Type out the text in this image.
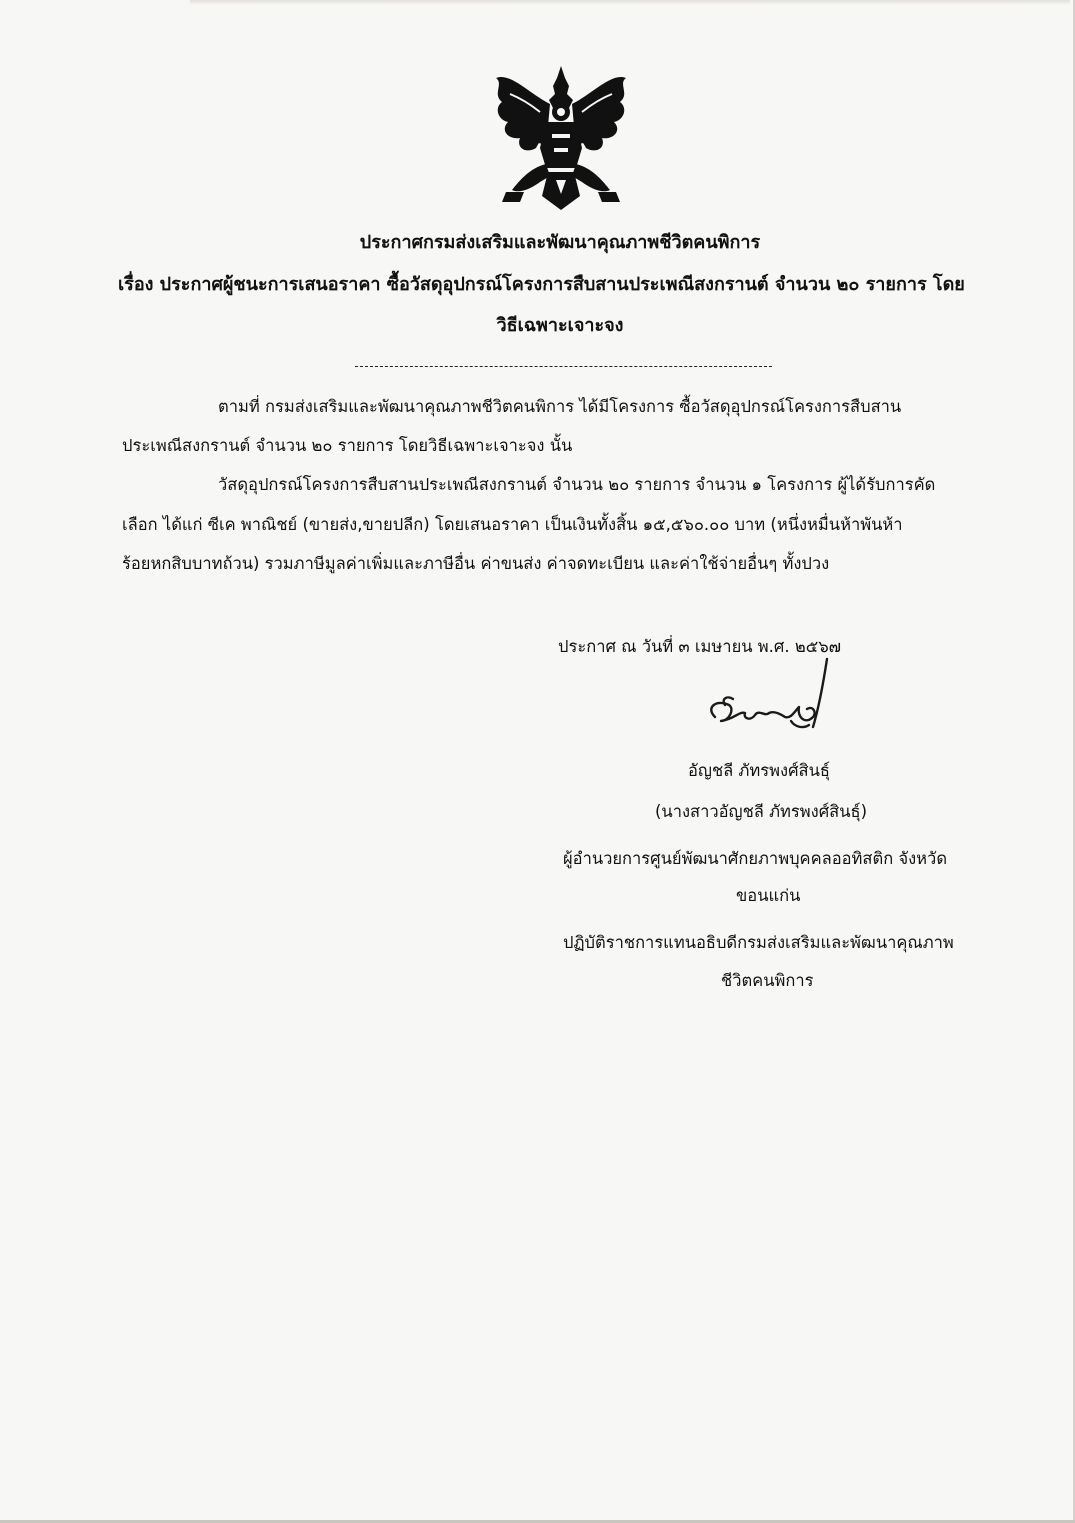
ประกาศกรมส่งเสริมและพัฒนาคุณภาพชีวิตคนพิการ
เรื่อง ประกาศผู้ชนะการเสนอราคา ซื้อวัสดุอุปกรณ์โครงการสืบสานประเพณีสงกรานต์ จำนวน ๒๐ รายการ โดย
วิธีเฉพาะเจาะจง
ตามที่ กรมส่งเสริมและพัฒนาคุณภาพชีวิตคนพิการ ได้มีโครงการ ซื้อวัสดุอุปกรณ์โครงการสืบสาน
ประเพณีสงกรานต์ จำนวน ๒๐ รายการ โดยวิธีเฉพาะเจาะจง นั้น
วัสดุอุปกรณ์โครงการสืบสานประเพณีสงกรานต์ จำนวน ๒๐ รายการ จำนวน ๑ โครงการ ผู้ได้รับการคัด
เลือก ได้แก่ ซีเค พาณิชย์ (ขายส่ง,ขายปลีก) โดยเสนอราคา เป็นเงินทั้งสิ้น ๑๕,๕๖๐.๐๐ บาท (หนึ่งหมื่นห้าพันห้า
ร้อยหกสิบบาทถ้วน) รวมภาษีมูลค่าเพิ่มและภาษีอื่น ค่าขนส่ง ค่าจดทะเบียน และค่าใช้จ่ายอื่นๆ ทั้งปวง
ประกาศ ณ วันที่ ๓ เมษายน พ.ศ. ๒๕๖๗
อัญชลี ภัทรพงศ์สินธุ์
(นางสาวอัญชลี ภัทรพงศ์สินธุ์)
ผู้อำนวยการศูนย์พัฒนาศักยภาพบุคคลออทิสติก จังหวัด
ขอนแก่น
ปฏิบัติราชการแทนอธิบดีกรมส่งเสริมและพัฒนาคุณภาพ
ชีวิตคนพิการ
